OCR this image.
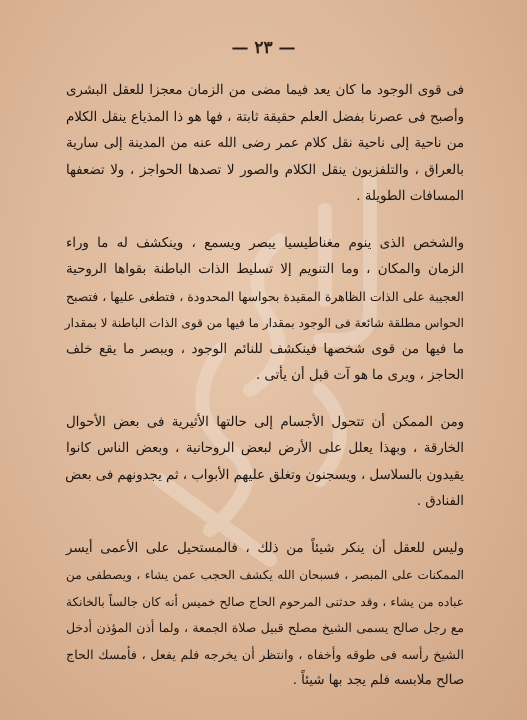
— ٢٣ —

فى قوى الوجود ما كان يعد فيما مضى من الزمان معجزا للعقل البشرى
وأصبح فى عصرنا بفضل العلم حقيقة ثابتة ، فها هو ذا المذياع ينقل الكلام
من ناحية إلى ناحية نقل كلام عمر رضى الله عنه من المدينة إلى سارية
بالعراق ، والتلفزيون ينقل الكلام والصور لا تصدها الحواجز ، ولا تضعفها
المسافات الطويلة .

والشخص الذى ينوم مغناطيسيا يبصر ويسمع ، وينكشف له ما وراء
الزمان والمكان ، وما التنويم إلا تسليط الذات الباطنة بقواها الروحية
العجيبة على الذات الظاهرة المقيدة بحواسها المحدودة ، فتطغى عليها ، فتصبح
الحواس مطلقة شائعة فى الوجود بمقدار ما فيها من قوى الذات الباطنة لا بمقدار
ما فيها من قوى شخصها فينكشف للنائم الوجود ، ويبصر ما يقع خلف
الحاجز ، ويرى ما هو آت قبل أن يأتى .

ومن الممكن أن تتحول الأجسام إلى حالتها الأثيرية فى بعض الأحوال
الخارقة ، وبهذا يعلل على الأرض لبعض الروحانية ، وبعض الناس كانوا
يقيدون بالسلاسل ، ويسجنون وتغلق عليهم الأبواب ، ثم يجدونهم فى بعض
الفنادق .

وليس للعقل أن ينكر شيئاً من ذلك ، فالمستحيل على الأعمى أيسر
الممكنات على المبصر ، فسبحان الله يكشف الحجب عمن يشاء ، ويصطفى من
عباده من يشاء ، وقد حدثنى المرحوم الحاج صالح خميس أنه كان جالساً بالخانكة
مع رجل صالح يسمى الشيخ مصلح قبيل صلاة الجمعة ، ولما أذن المؤذن أدخل
الشيخ رأسه فى طوقه وأخفاه ، وانتظر أن يخرجه فلم يفعل ، فأمسك الحاج
صالح ملابسه فلم يجد بها شيئاً .
